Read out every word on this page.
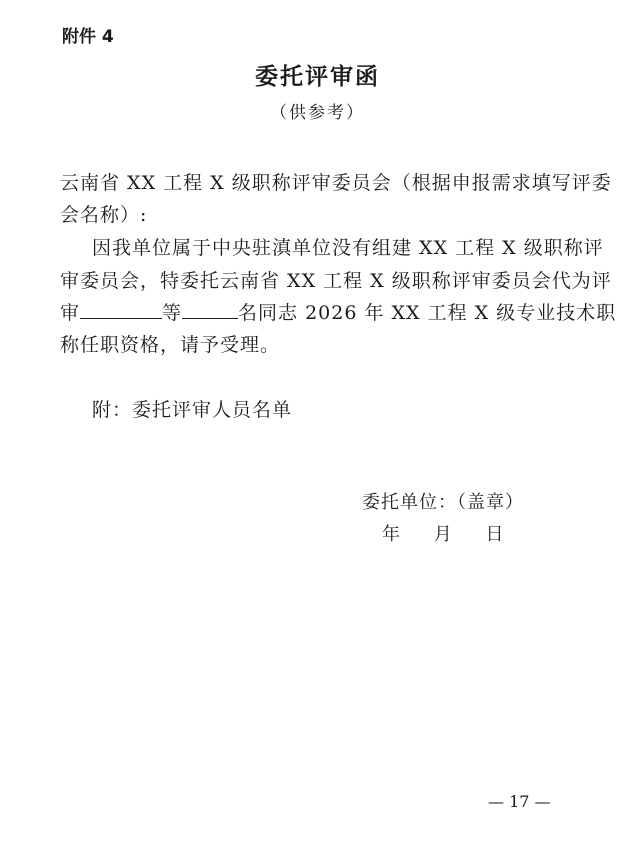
附件 4
委托评审函
（供参考）
云南省 XX 工程 X 级职称评审委员会（根据申报需求填写评委
会名称）:
因我单位属于中央驻滇单位没有组建 XX 工程 X 级职称评
审委员会，特委托云南省 XX 工程 X 级职称评审委员会代为评
审	等	名同志 2026 年 XX 工程 X 级专业技术职
称任职资格，请予受理。
附：委托评审人员名单
委托单位：（盖章）
年 月 日
— 17 —
